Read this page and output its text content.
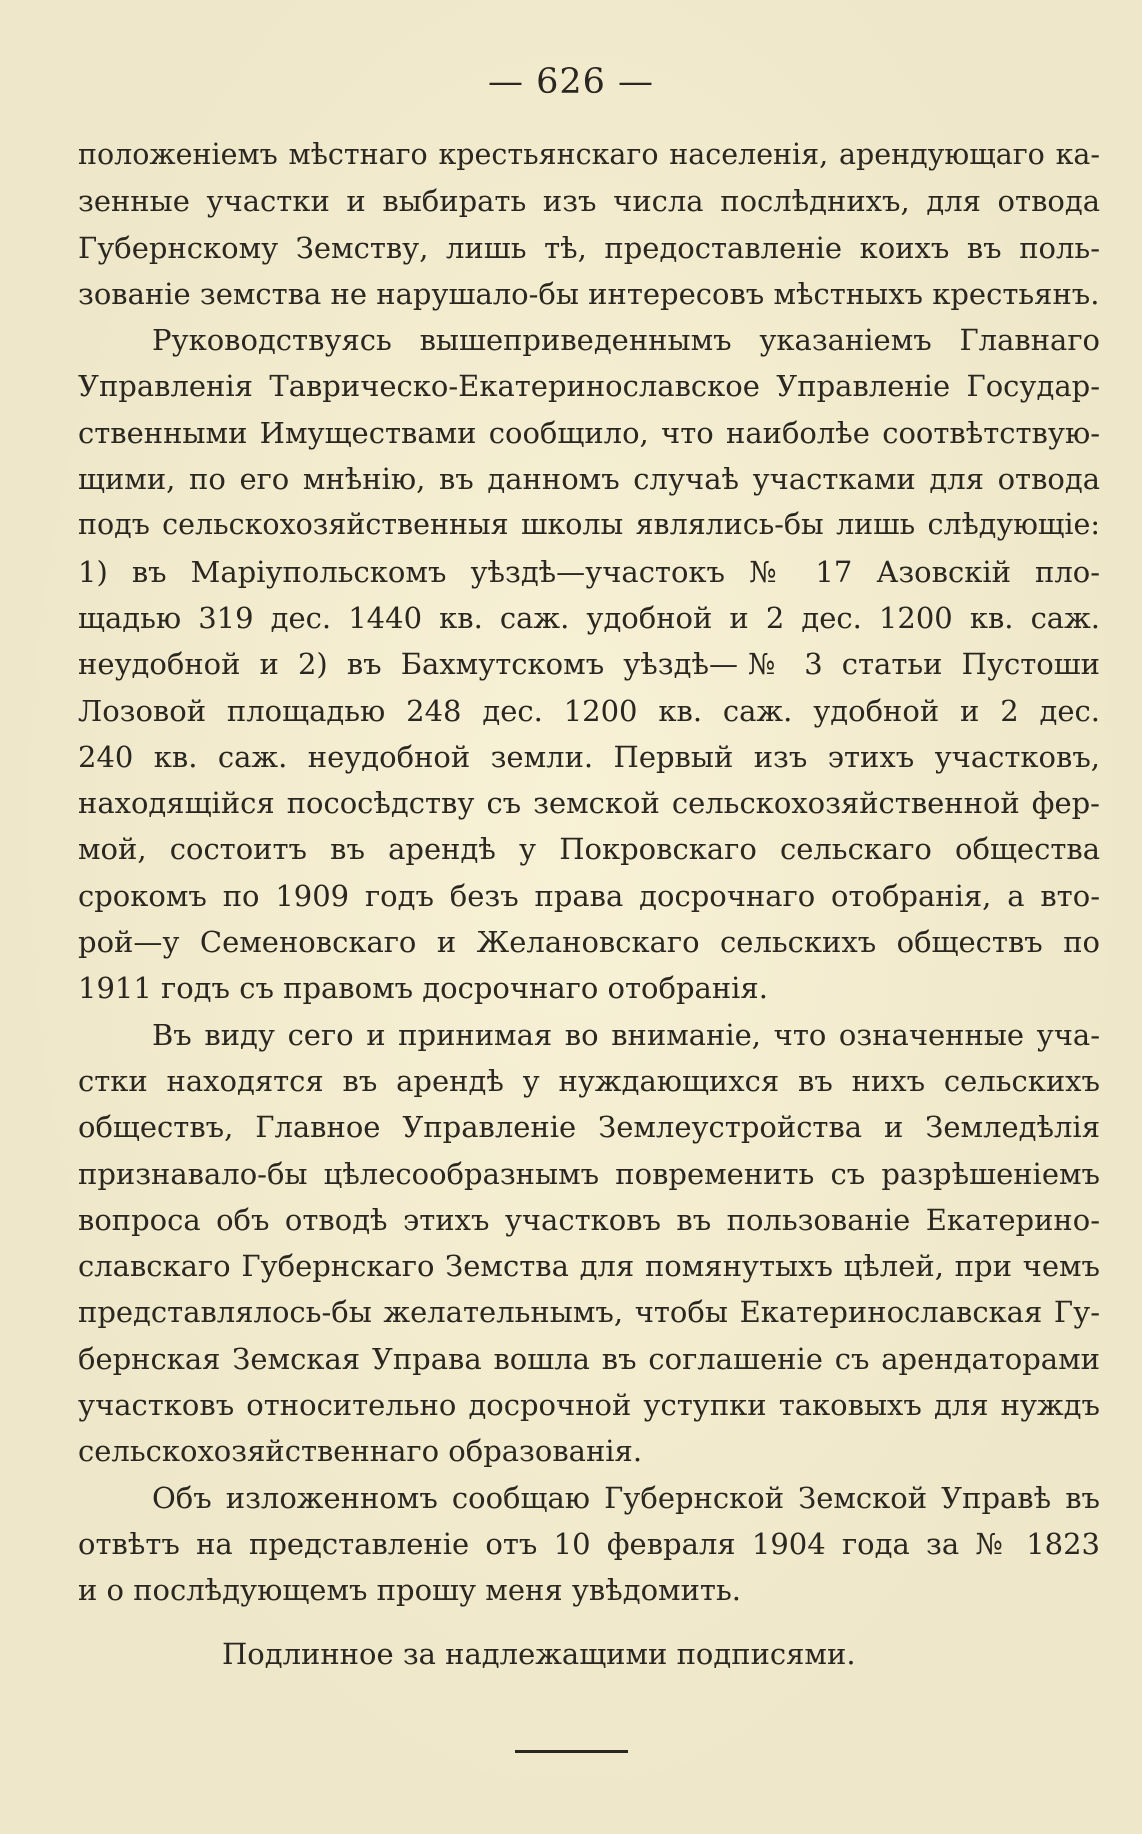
— 626 —
положеніемъ мѣстнаго крестьянскаго населенія, арендующаго ка-
зенные участки и выбирать изъ числа послѣднихъ, для отвода
Губернскому Земству, лишь тѣ, предоставленіе коихъ въ поль-
зованіе земства не нарушало-бы интересовъ мѣстныхъ крестьянъ.
Руководствуясь вышеприведеннымъ указаніемъ Главнаго
Управленія Таврическо-Екатеринославское Управленіе Государ-
ственными Имуществами сообщило, что наиболѣе соотвѣтствую-
щими, по его мнѣнію, въ данномъ случаѣ участками для отвода
подъ сельскохозяйственныя школы являлись-бы лишь слѣдующіе:
1) въ Маріупольскомъ уѣздѣ—участокъ № 17 Азовскій пло-
щадью 319 дес. 1440 кв. саж. удобной и 2 дес. 1200 кв. саж.
неудобной и 2) въ Бахмутскомъ уѣздѣ—№ 3 статьи Пустоши
Лозовой площадью 248 дес. 1200 кв. саж. удобной и 2 дес.
240 кв. саж. неудобной земли. Первый изъ этихъ участковъ,
находящійся пососѣдству съ земской сельскохозяйственной фер-
мой, состоитъ въ арендѣ у Покровскаго сельскаго общества
срокомъ по 1909 годъ безъ права досрочнаго отобранія, а вто-
рой—у Семеновскаго и Желановскаго сельскихъ обществъ по
1911 годъ съ правомъ досрочнаго отобранія.
Въ виду сего и принимая во вниманіе, что означенные уча-
стки находятся въ арендѣ у нуждающихся въ нихъ сельскихъ
обществъ, Главное Управленіе Землеустройства и Земледѣлія
признавало-бы цѣлесообразнымъ повременить съ разрѣшеніемъ
вопроса объ отводѣ этихъ участковъ въ пользованіе Екатерино-
славскаго Губернскаго Земства для помянутыхъ цѣлей, при чемъ
представлялось-бы желательнымъ, чтобы Екатеринославская Гу-
бернская Земская Управа вошла въ соглашеніе съ арендаторами
участковъ относительно досрочной уступки таковыхъ для нуждъ
сельскохозяйственнаго образованія.
Объ изложенномъ сообщаю Губернской Земской Управѣ въ
отвѣтъ на представленіе отъ 10 февраля 1904 года за № 1823
и о послѣдующемъ прошу меня увѣдомить.
Подлинное за надлежащими подписями.
